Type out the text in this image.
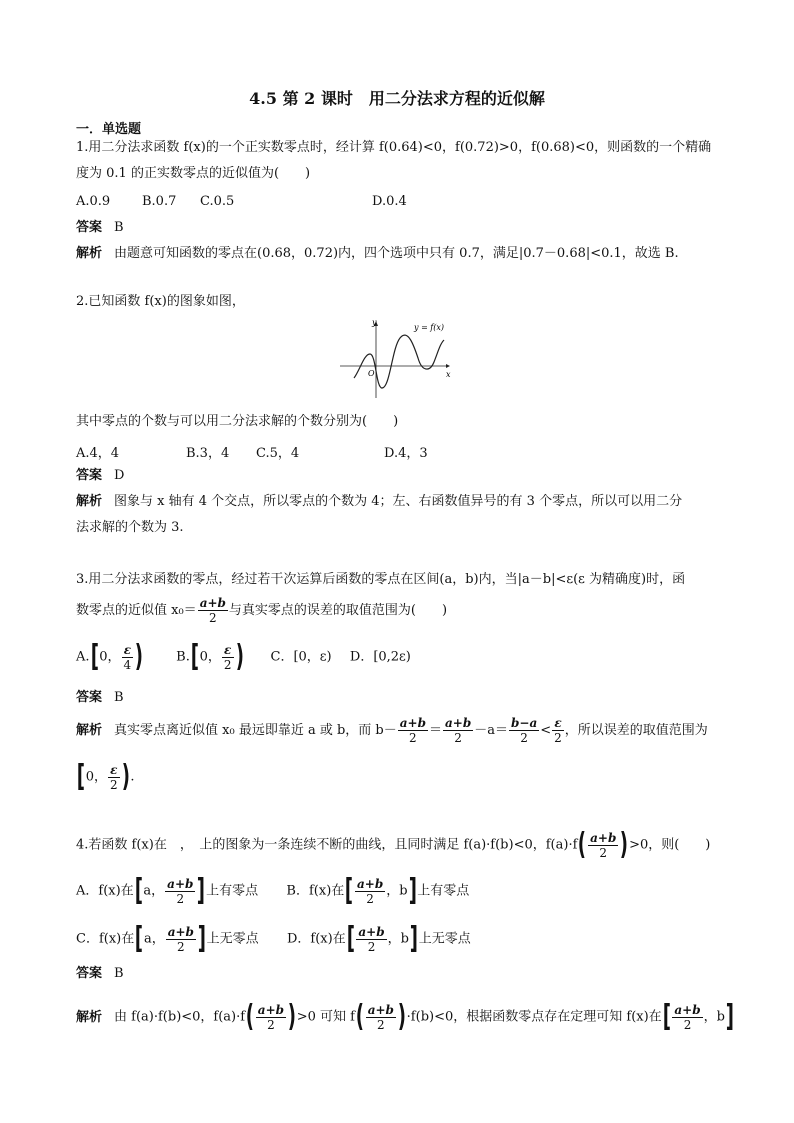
4.5 第 2 课时　用二分法求方程的近似解
一．单选题
1.用二分法求函数 f(x)的一个正实数零点时，经计算 f(0.64)<0，f(0.72)>0，f(0.68)<0，则函数的一个精确
度为 0.1 的正实数零点的近似值为(　　)
A.0.9 B.0.7 C.0.5	D.0.4
答案 B
解析 由题意可知函数的零点在(0.68，0.72)内，四个选项中只有 0.7，满足|0.7－0.68|<0.1，故选 B.
2.已知函数 f(x)的图象如图，
y
x
O
y = f(x)
其中零点的个数与可以用二分法求解的个数分别为(　　)
A.4，4	B.3，4 C.5，4	D.4，3
答案 D
解析 图象与 x 轴有 4 个交点，所以零点的个数为 4；左、右函数值异号的有 3 个零点，所以可以用二分
法求解的个数为 3.
3.用二分法求函数的零点，经过若干次运算后函数的零点在区间(a，b)内，当|a－b|<ε(ε 为精确度)时，函
数零点的近似值 $x_0= \frac{a+b}{2}$ 与真实零点的误差的取值范围为(　　)
A.[0， $\frac{\varepsilon}{4}$ )	B.[0， $\frac{\varepsilon}{2}$ ) C．[0，ε) D．[0,2ε)
答案 B
解析 真实零点离近似值 x₀ 最远即靠近 a 或 b，而 $b- \frac{a+b}{2} = \frac{a+b}{2} -a= \frac{b-a}{2} < \frac{\varepsilon}{2}$ ，所以误差的取值范围为
[0， $\frac{\varepsilon}{2}$ ).
4.若函数 f(x)在　，　上的图象为一条连续不断的曲线，且同时满足 f(a)·f(b)<0，$f(a)\cdot f( \frac{a+b}{2} )>0$，则(　　)
A．f(x)在[a， $\frac{a+b}{2}$ ]上有零点 B．f(x)在[ $\frac{a+b}{2}$ ，b]上有零点
C．f(x)在[a， $\frac{a+b}{2}$ ]上无零点 D．f(x)在[ $\frac{a+b}{2}$ ，b]上无零点
答案 B
解析 由 f(a)·f(b)<0，$f(a)\cdot f( \frac{a+b}{2} )>0$ 可知 $f( \frac{a+b}{2} )\cdot f(b)<0$，根据函数零点存在定理可知 f(x)在[ $\frac{a+b}{2}$ ，b]
